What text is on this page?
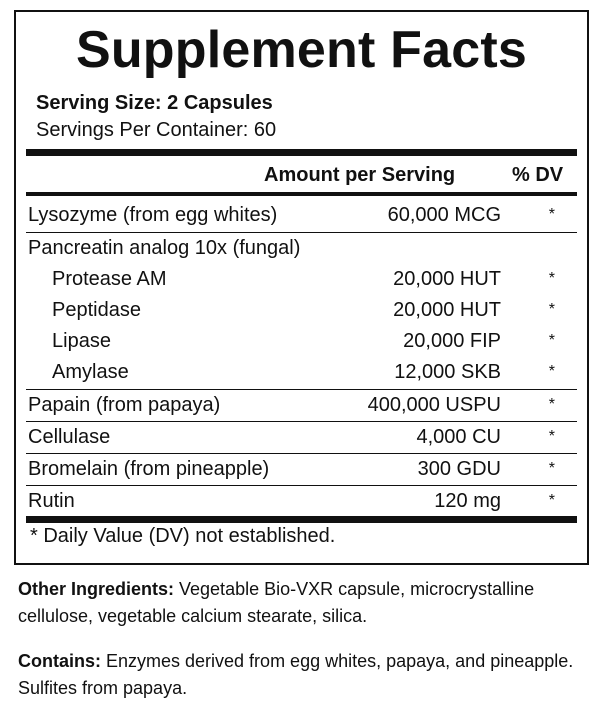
Supplement Facts
Serving Size: 2 Capsules
Servings Per Container: 60
Amount per Serving	% DV
Lysozyme (from egg whites)	60,000 MCG	*
Pancreatin analog 10x (fungal)
Protease AM	20,000 HUT	*
Peptidase	20,000 HUT	*
Lipase	20,000 FIP	*
Amylase	12,000 SKB	*
Papain (from papaya)	400,000 USPU	*
Cellulase	4,000 CU	*
Bromelain (from pineapple)	300 GDU	*
Rutin	120 mg	*
* Daily Value (DV) not established.
Other Ingredients: Vegetable Bio-VXR capsule, microcrystalline cellulose, vegetable calcium stearate, silica.
Contains: Enzymes derived from egg whites, papaya, and pineapple.   Sulfites from papaya.
